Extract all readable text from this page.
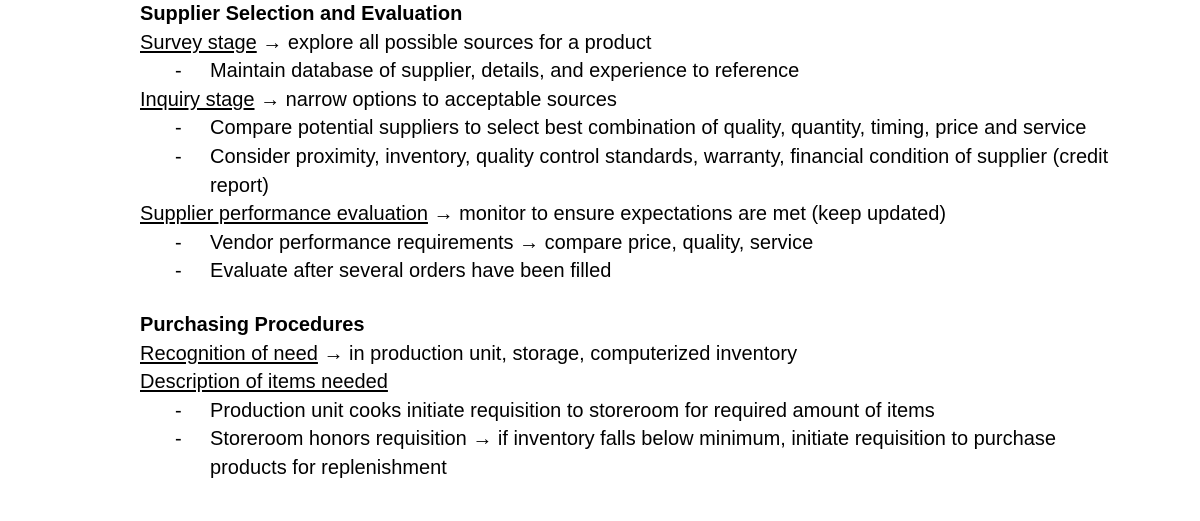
Supplier Selection and Evaluation
Survey stage → explore all possible sources for a product
- Maintain database of supplier, details, and experience to reference
Inquiry stage → narrow options to acceptable sources
- Compare potential suppliers to select best combination of quality, quantity, timing, price and service
- Consider proximity, inventory, quality control standards, warranty, financial condition of supplier (credit report)
Supplier performance evaluation → monitor to ensure expectations are met (keep updated)
- Vendor performance requirements → compare price, quality, service
- Evaluate after several orders have been filled
Purchasing Procedures
Recognition of need → in production unit, storage, computerized inventory
Description of items needed
- Production unit cooks initiate requisition to storeroom for required amount of items
- Storeroom honors requisition → if inventory falls below minimum, initiate requisition to purchase products for replenishment
